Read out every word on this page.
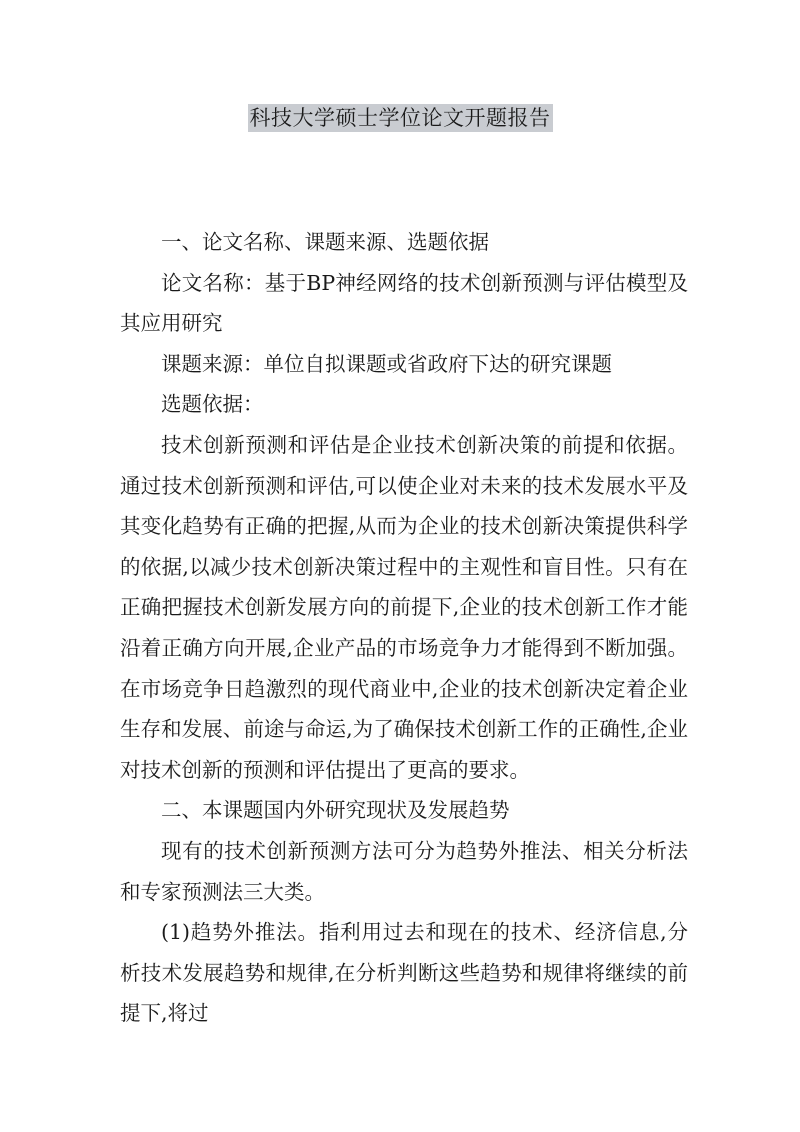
科技大学硕士学位论文开题报告

一、论文名称、课题来源、选题依据

论文名称：基于BP神经网络的技术创新预测与评估模型及其应用研究

课题来源：单位自拟课题或省政府下达的研究课题

选题依据：

技术创新预测和评估是企业技术创新决策的前提和依据。通过技术创新预测和评估,可以使企业对未来的技术发展水平及其变化趋势有正确的把握,从而为企业的技术创新决策提供科学的依据,以减少技术创新决策过程中的主观性和盲目性。只有在正确把握技术创新发展方向的前提下,企业的技术创新工作才能沿着正确方向开展,企业产品的市场竞争力才能得到不断加强。在市场竞争日趋激烈的现代商业中,企业的技术创新决定着企业生存和发展、前途与命运,为了确保技术创新工作的正确性,企业对技术创新的预测和评估提出了更高的要求。

二、本课题国内外研究现状及发展趋势

现有的技术创新预测方法可分为趋势外推法、相关分析法和专家预测法三大类。

(1)趋势外推法。指利用过去和现在的技术、经济信息,分析技术发展趋势和规律,在分析判断这些趋势和规律将继续的前提下,将过
